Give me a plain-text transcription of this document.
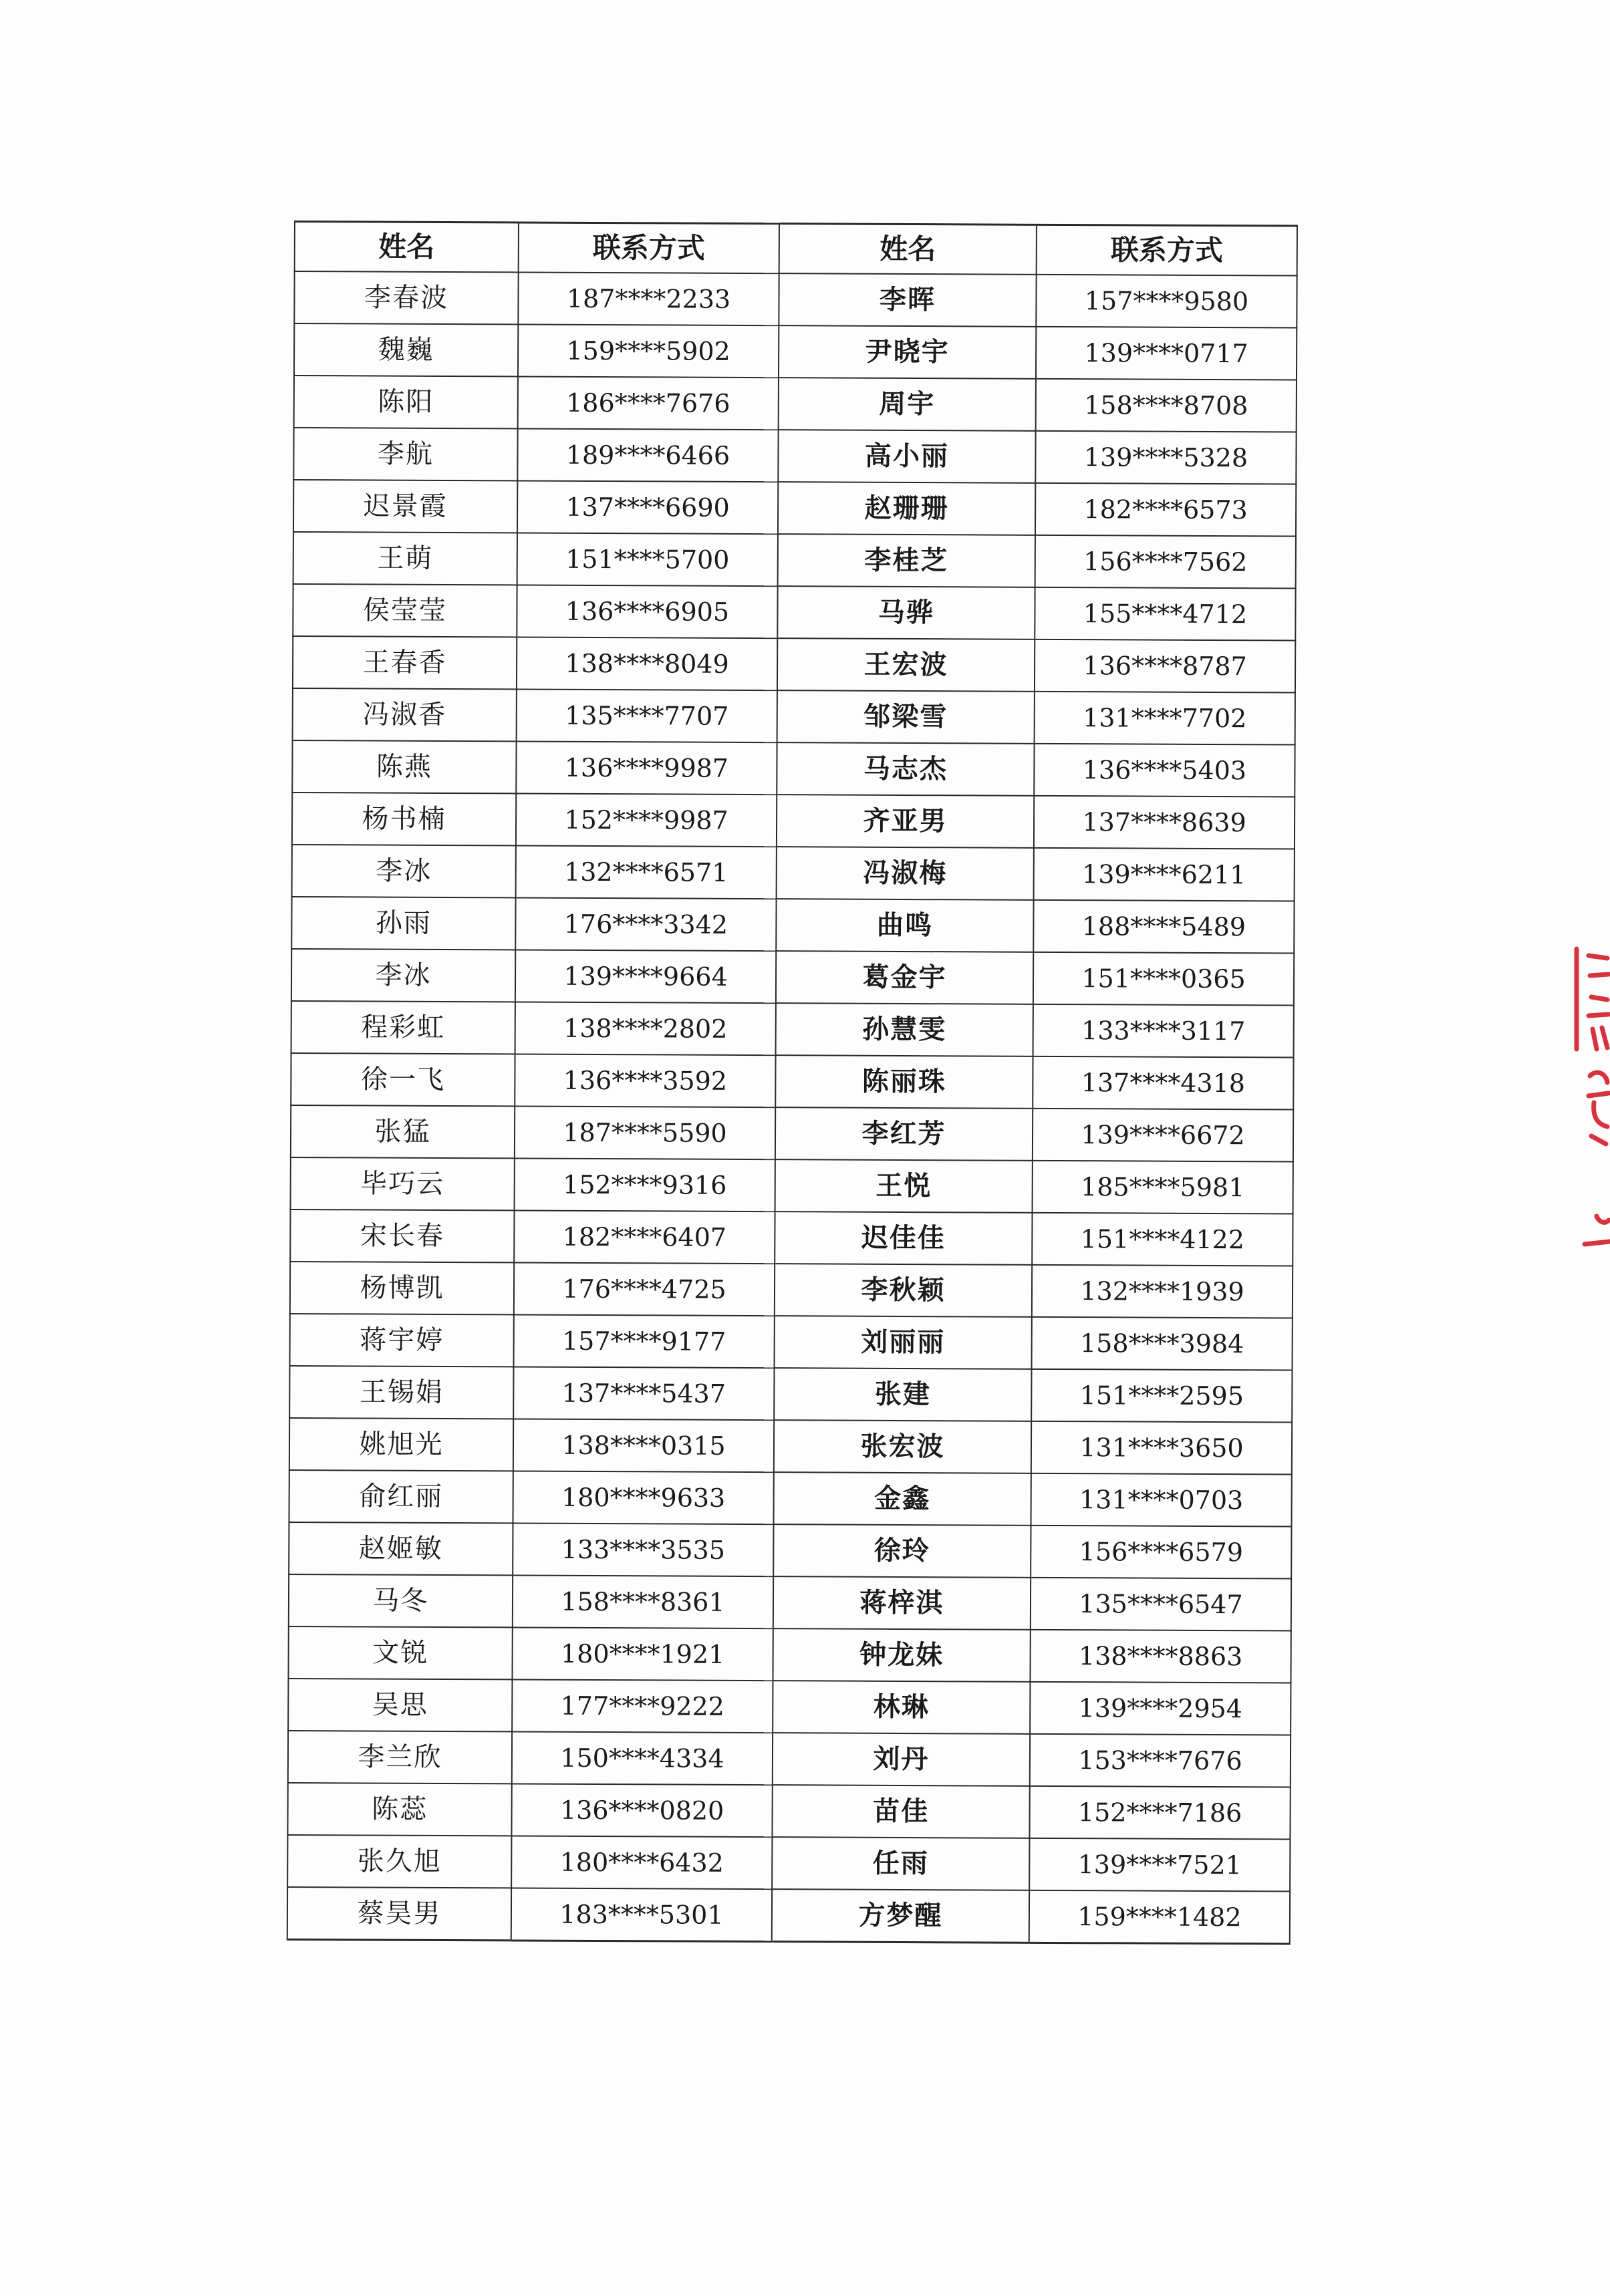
姓名	联系方式	姓名	联系方式
李春波	187****2233	李晖	157****9580
魏巍	159****5902	尹晓宇	139****0717
陈阳	186****7676	周宇	158****8708
李航	189****6466	高小丽	139****5328
迟景霞	137****6690	赵珊珊	182****6573
王萌	151****5700	李桂芝	156****7562
侯莹莹	136****6905	马骅	155****4712
王春香	138****8049	王宏波	136****8787
冯淑香	135****7707	邹梁雪	131****7702
陈燕	136****9987	马志杰	136****5403
杨书楠	152****9987	齐亚男	137****8639
李冰	132****6571	冯淑梅	139****6211
孙雨	176****3342	曲鸣	188****5489
李冰	139****9664	葛金宇	151****0365
程彩虹	138****2802	孙慧雯	133****3117
徐一飞	136****3592	陈丽珠	137****4318
张猛	187****5590	李红芳	139****6672
毕巧云	152****9316	王悦	185****5981
宋长春	182****6407	迟佳佳	151****4122
杨博凯	176****4725	李秋颖	132****1939
蒋宇婷	157****9177	刘丽丽	158****3984
王锡娟	137****5437	张建	151****2595
姚旭光	138****0315	张宏波	131****3650
俞红丽	180****9633	金鑫	131****0703
赵姬敏	133****3535	徐玲	156****6579
马冬	158****8361	蒋梓淇	135****6547
文锐	180****1921	钟龙妹	138****8863
吴思	177****9222	林琳	139****2954
李兰欣	150****4334	刘丹	153****7676
陈蕊	136****0820	苗佳	152****7186
张久旭	180****6432	任雨	139****7521
蔡昊男	183****5301	方梦醒	159****1482
